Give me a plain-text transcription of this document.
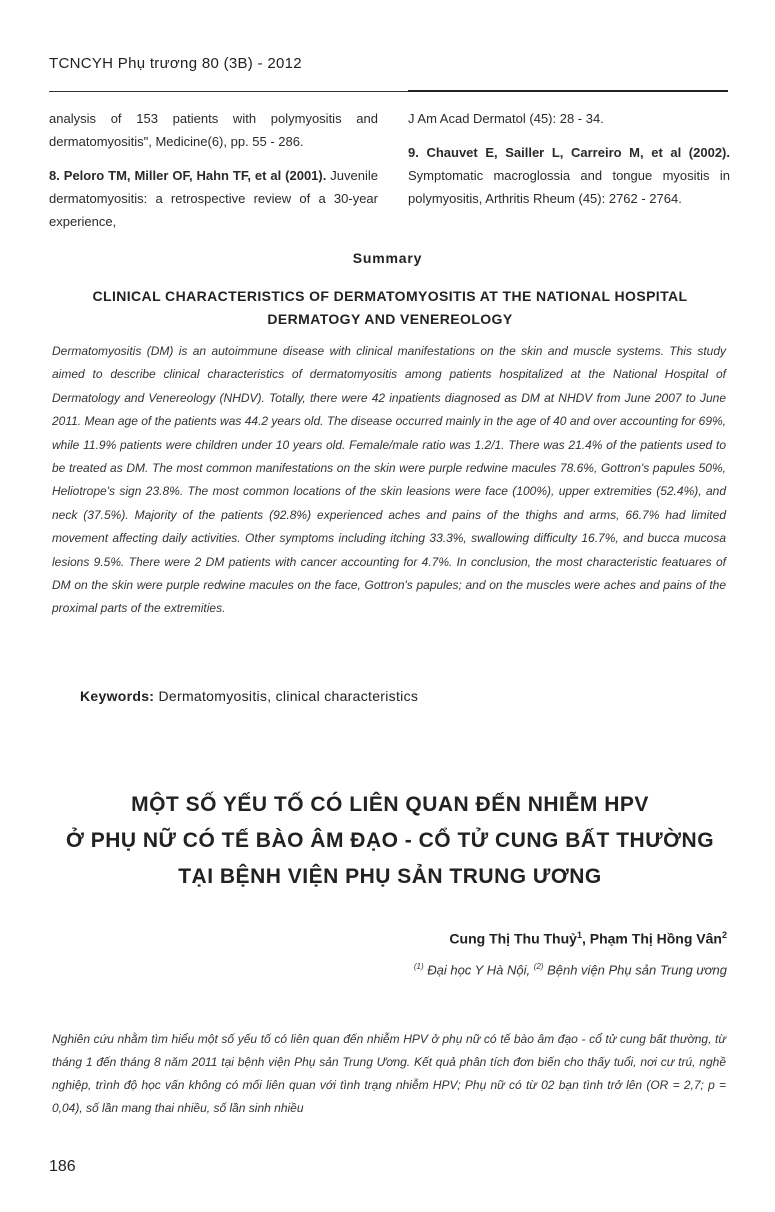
TCNCYH Phụ trương 80 (3B) - 2012

analysis of 153 patients with polymyositis and dermatomyositis", Medicine(6), pp. 55 - 286.

8. Peloro TM, Miller OF, Hahn TF, et al (2001). Juvenile dermatomyositis: a retrospective review of a 30-year experience,

J Am Acad Dermatol (45): 28 - 34.

9. Chauvet E, Sailler L, Carreiro M, et al (2002). Symptomatic macroglossia and tongue myositis in polymyositis, Arthritis Rheum (45): 2762 - 2764.

Summary
CLINICAL CHARACTERISTICS OF DERMATOMYOSITIS AT THE NATIONAL HOSPITAL DERMATOGY AND VENEREOLOGY

Dermatomyositis (DM) is an autoimmune disease with clinical manifestations on the skin and muscle systems. This study aimed to describe clinical characteristics of dermatomyositis among patients hospitalized at the National Hospital of Dermatology and Venereology (NHDV). Totally, there were 42 inpatients diagnosed as DM at NHDV from June 2007 to June 2011. Mean age of the patients was 44.2 years old. The disease occurred mainly in the age of 40 and over accounting for 69%, while 11.9% patients were children under 10 years old. Female/male ratio was 1.2/1. There was 21.4% of the patients used to be treated as DM. The most common manifestations on the skin were purple redwine macules 78.6%, Gottron's papules 50%, Heliotrope's sign 23.8%. The most common locations of the skin leasions were face (100%), upper extremities (52.4%), and neck (37.5%). Majority of the patients (92.8%) experienced aches and pains of the thighs and arms, 66.7% had limited movement affecting daily activities. Other symptoms including itching 33.3%, swallowing difficulty 16.7%, and bucca mucosa lesions 9.5%. There were 2 DM patients with cancer accounting for 4.7%. In conclusion, the most characteristic featuares of DM on the skin were purple redwine macules on the face, Gottron's papules; and on the muscles were aches and pains of the proximal parts of the extremities.

Keywords: Dermatomyositis, clinical characteristics
MỘT SỐ YẾU TỐ CÓ LIÊN QUAN ĐẾN NHIỄM HPV
Ở PHỤ NỮ CÓ TẾ BÀO ÂM ĐẠO - CỔ TỬ CUNG BẤT THƯỜNG
TẠI BỆNH VIỆN PHỤ SẢN TRUNG ƯƠNG
Cung Thị Thu Thuỷ$^1$, Phạm Thị Hồng Vân$^2$
$^{(1)}$ Đại học Y Hà Nội, $^{(2)}$ Bệnh viện Phụ sản Trung ương

Nghiên cứu nhằm tìm hiểu một số yếu tố có liên quan đến nhiễm HPV ở phụ nữ có tế bào âm đạo - cổ tử cung bất thường, từ tháng 1 đến tháng 8 năm 2011 tại bệnh viện Phụ sản Trung Ương. Kết quả phân tích đơn biến cho thấy tuổi, nơi cư trú, nghề nghiệp, trình độ học vấn không có mối liên quan với tình trạng nhiễm HPV; Phụ nữ có từ 02 bạn tình trở lên (OR = 2,7; p = 0,04), số lần mang thai nhiều, số lần sinh nhiều

186
